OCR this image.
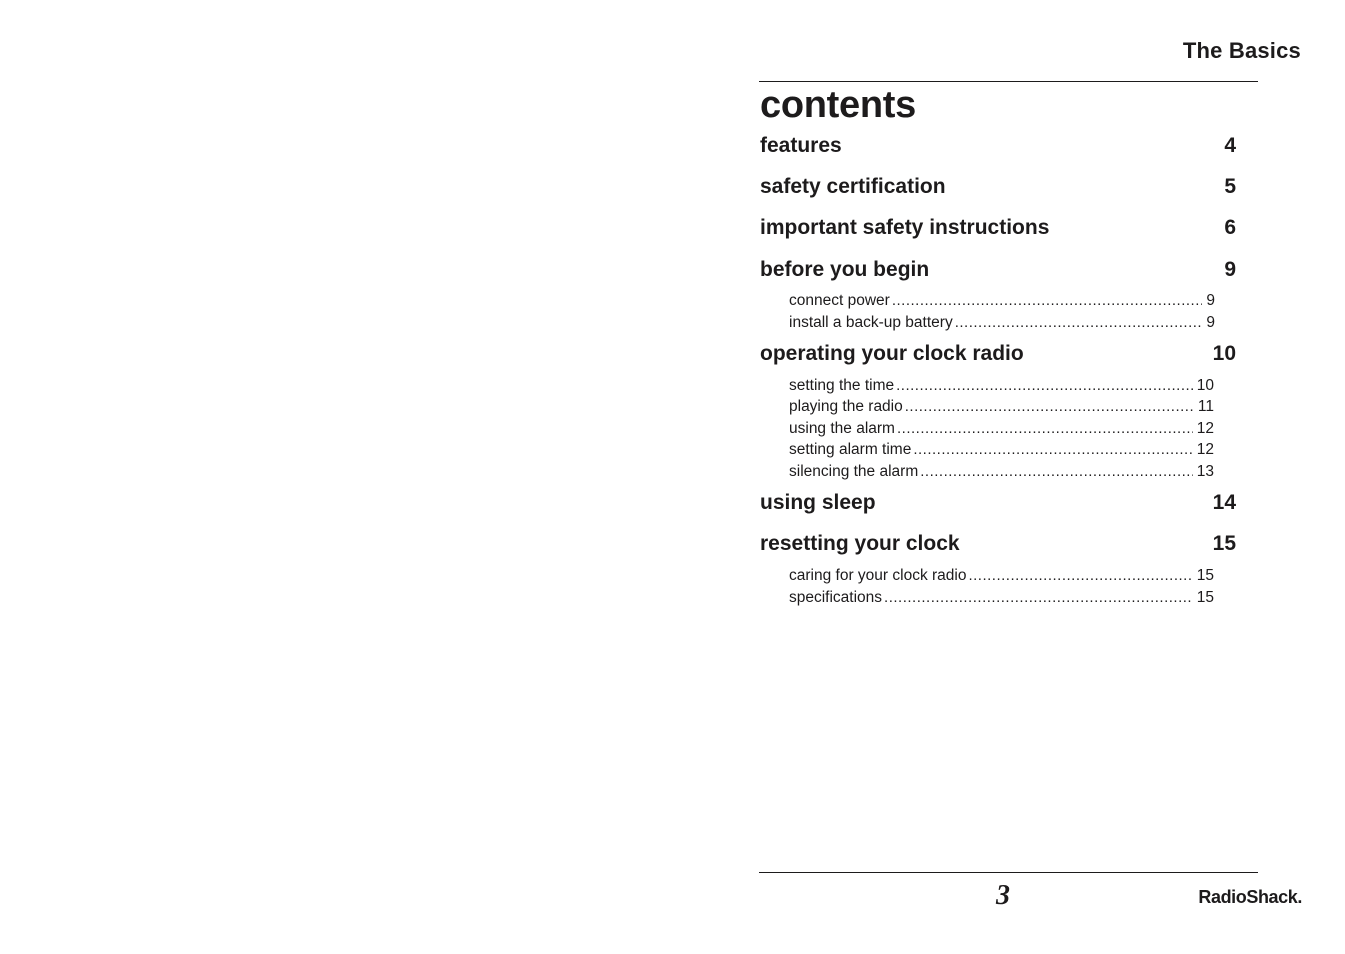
The Basics
contents
features	4
safety certification	5
important safety instructions	6
before you begin	9
connect power .....	9
install a back-up battery .....	9
operating your clock radio	10
setting the time .....	10
playing the radio .....	11
using the alarm .....	12
setting alarm time .....	12
silencing the alarm .....	13
using sleep	14
resetting your clock	15
caring for your clock radio .....	15
specifications .....	15
3	RadioShack.
